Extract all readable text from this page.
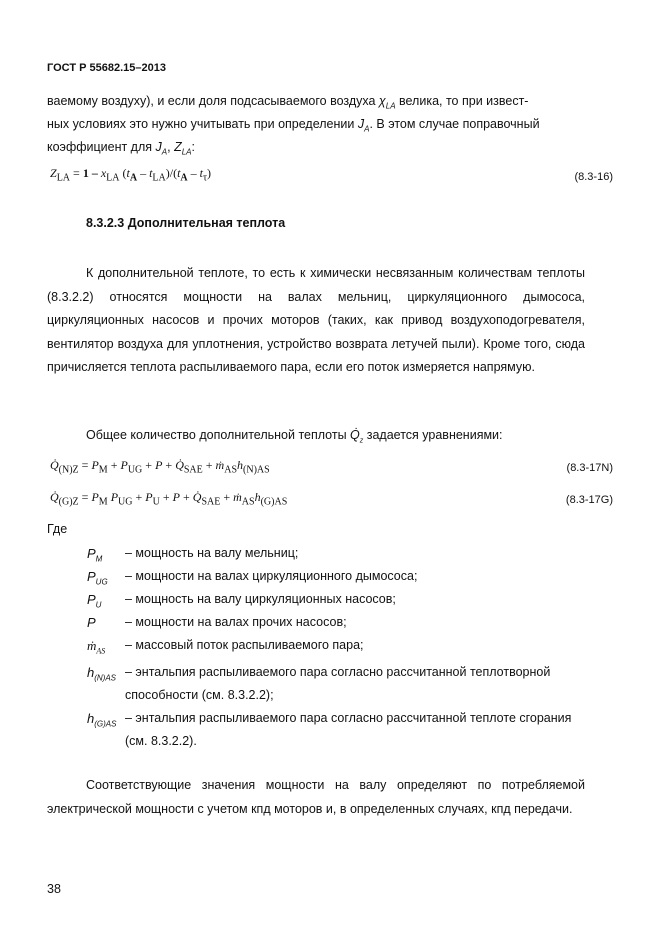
ГОСТ Р 55682.15–2013
ваемому воздуху), и если доля подсасываемого воздуха $\chi_{LA}$ велика, то при извест-
ных условиях это нужно учитывать при определении $J_A$. В этом случае поправочный
коэффициент для $J_A$, $Z_{LA}$:
$Z_{LA} = 1 - x_{LA}$ $(t_A - t_{LA})/(t_A - t_\tau)$	(8.3-16)
8.3.2.3 Дополнительная теплота
К дополнительной теплоте, то есть к химически несвязанным количествам теплоты (8.3.2.2) относятся мощности на валах мельниц, циркуляционного дымососа, циркуляционных насосов и прочих моторов (таких, как привод воздухоподогревателя, вентилятор воздуха для уплотнения, устройство возврата летучей пыли). Кроме того, сюда причисляется теплота распыливаемого пара, если его поток измеряется напрямую.
Общее количество дополнительной теплоты $Q̇_z$ задается уравнениями:
$Q̇_{(N)Z} = P_M + P_{UG} + P$ + $Q̇_{SAE}$ + $ṁ_{AS}h_{(N)AS}$	(8.3-17N)
$Q̇_{(G)Z} = P_M$ $P_{UG} + P_U + P$ + $Q̇_{SAE}$ + $ṁ_{AS}h_{(G)AS}$	(8.3-17G)
Где
$P_M$	– мощность на валу мельниц;
$P_{UG}$	– мощности на валах циркуляционного дымососа;
$P_U$	– мощность на валу циркуляционных насосов;
P	– мощности на валах прочих насосов;
ṁ$_{AS}$	– массовый поток распыливаемого пара;
$h_{(N)AS}$ – энтальпия распыливаемого пара согласно рассчитанной теплотворной способности (см. 8.3.2.2);
$h_{(G)AS}$ – энтальпия распыливаемого пара согласно рассчитанной теплоте сгорания (см. 8.3.2.2).
Соответствующие значения мощности на валу определяют по потребляемой электрической мощности с учетом кпд моторов и, в определенных случаях, кпд передачи.
38
